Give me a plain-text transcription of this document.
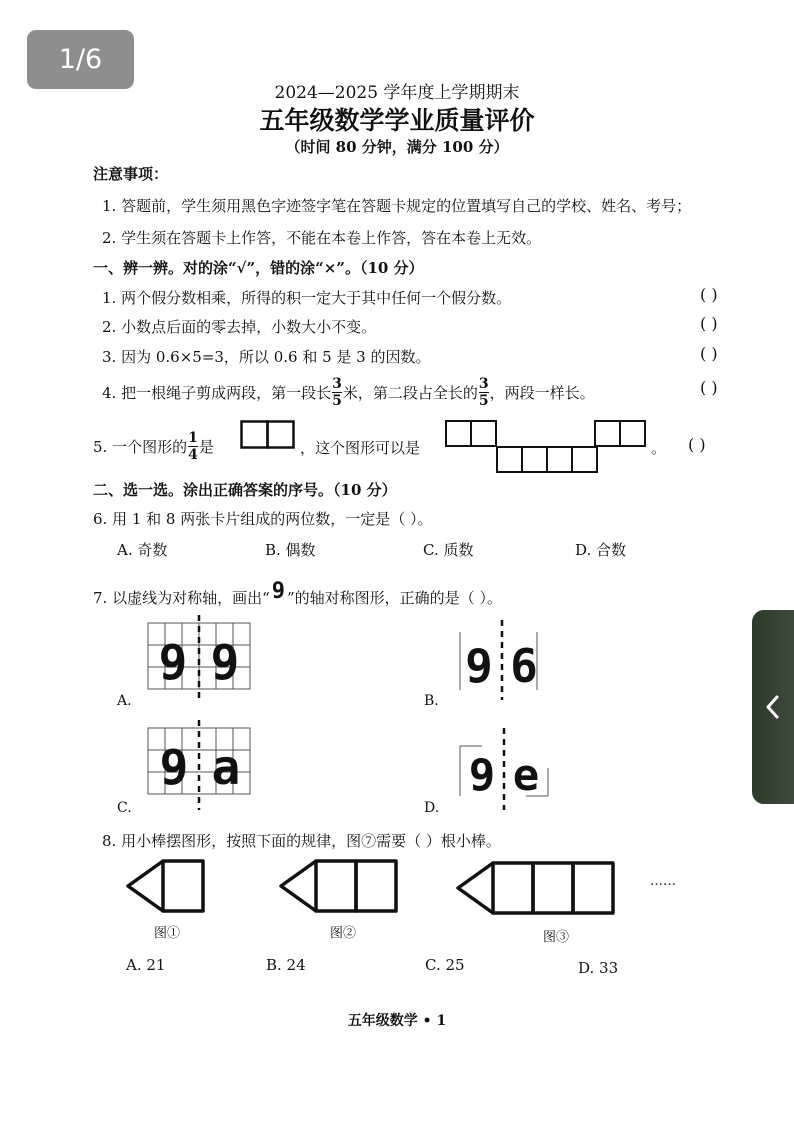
1/6
2024—2025 学年度上学期期末
五年级数学学业质量评价
（时间 80 分钟，满分 100 分）
注意事项：
1. 答题前，学生须用黑色字迹签字笔在答题卡规定的位置填写自己的学校、姓名、考号；
2. 学生须在答题卡上作答，不能在本卷上作答，答在本卷上无效。
一、辨一辨。对的涂“√”，错的涂“×”。（10 分）
1. 两个假分数相乘，所得的积一定大于其中任何一个假分数。	( )
2. 小数点后面的零去掉，小数大小不变。	( )
3. 因为 0.6×5=3，所以 0.6 和 5 是 3 的因数。	( )
4. 把一根绳子剪成两段，第一段长 $\frac{3}{5}$ 米，第二段占全长的 $\frac{3}{5}$ ，两段一样长。	( )
5. 一个图形的 $\frac{1}{4}$ 是	，这个图形可以是	。 ( )
二、选一选。涂出正确答案的序号。（10 分）
6. 用 1 和 8 两张卡片组成的两位数，一定是（ ）。
A. 奇数	B. 偶数	C. 质数	D. 合数
7. 以虚线为对称轴，画出“ 9 ”的轴对称图形，正确的是（ ）。
9 9
A.
9 6
B.
9 a
C.
9 e
D.
8. 用小棒摆图形，按照下面的规律，图⑦需要（ ）根小棒。
图①	图②	图③
……
A. 21	B. 24	C. 25	D. 33
五年级数学 • 1
